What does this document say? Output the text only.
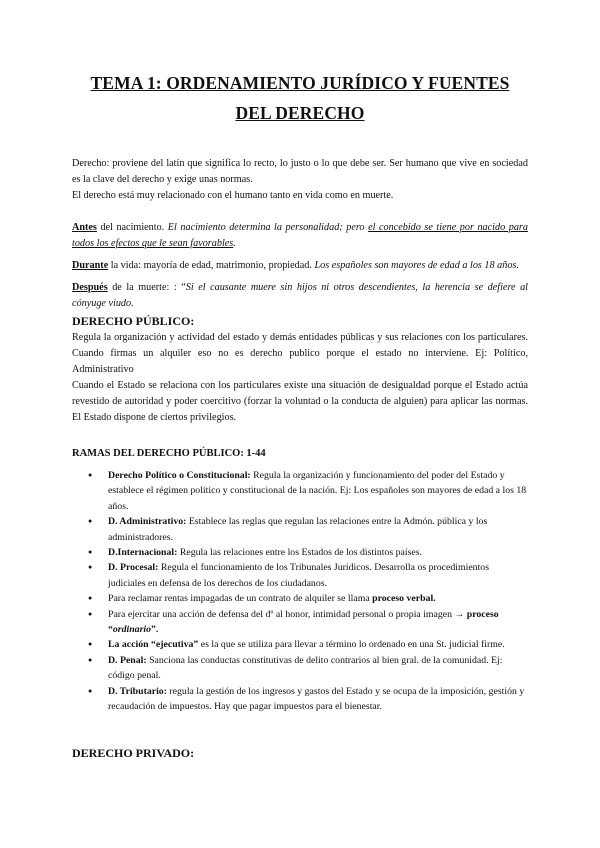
TEMA 1: ORDENAMIENTO JURÍDICO Y FUENTES DEL DERECHO

Derecho: proviene del latín que significa lo recto, lo justo o lo que debe ser. Ser humano que vive en sociedad es la clave del derecho y exige unas normas.

El derecho está muy relacionado con el humano tanto en vida como en muerte.

Antes del nacimiento. El nacimiento determina la personalidad; pero el concebido se tiene por nacido para todos los efectos que le sean favorables.

Durante la vida: mayoría de edad, matrimonio, propiedad. Los españoles son mayores de edad a los 18 años.

Después de la muerte: : “Si el causante muere sin hijos ni otros descendientes, la herencia se defiere al cónyuge viudo.

DERECHO PÚBLICO:

Regula la organización y actividad del estado y demás entidades públicas y sus relaciones con los particulares. Cuando firmas un alquiler eso no es derecho publico porque el estado no interviene. Ej: Político, Administrativo

Cuando el Estado se relaciona con los particulares existe una situación de desigualdad porque el Estado actúa revestido de autoridad y poder coercitivo (forzar la voluntad o la conducta de alguien) para aplicar las normas. El Estado dispone de ciertos privilegios.

RAMAS DEL DERECHO PÚBLICO: 1-44
● Derecho Político o Constitucional: Regula la organización y funcionamiento del poder del Estado y establece el régimen político y constitucional de la nación. Ej: Los españoles son mayores de edad a los 18 años.
● D. Administrativo: Establece las reglas que regulan las relaciones entre la Admón. pública y los administradores.
● D.Internacional: Regula las relaciones entre los Estados de los distintos países.
● D. Procesal: Regula el funcionamiento de los Tribunales Jurídicos. Desarrolla os procedimientos judiciales en defensa de los derechos de los ciudadanos.
● Para reclamar rentas impagadas de un contrato de alquiler se llama proceso verbal.
● Para ejercitar una acción de defensa del dº al honor, intimidad personal o propia imagen → proceso “ordinario”.
● La acción “ejecutiva” es la que se utiliza para llevar a término lo ordenado en una St. judicial firme.
● D. Penal: Sanciona las conductas constitutivas de delito contrarios al bien gral. de la comunidad. Ej: código penal.
● D. Tributario: regula la gestión de los ingresos y gastos del Estado y se ocupa de la imposición, gestión y recaudación de impuestos. Hay que pagar impuestos para el bienestar.
DERECHO PRIVADO:
